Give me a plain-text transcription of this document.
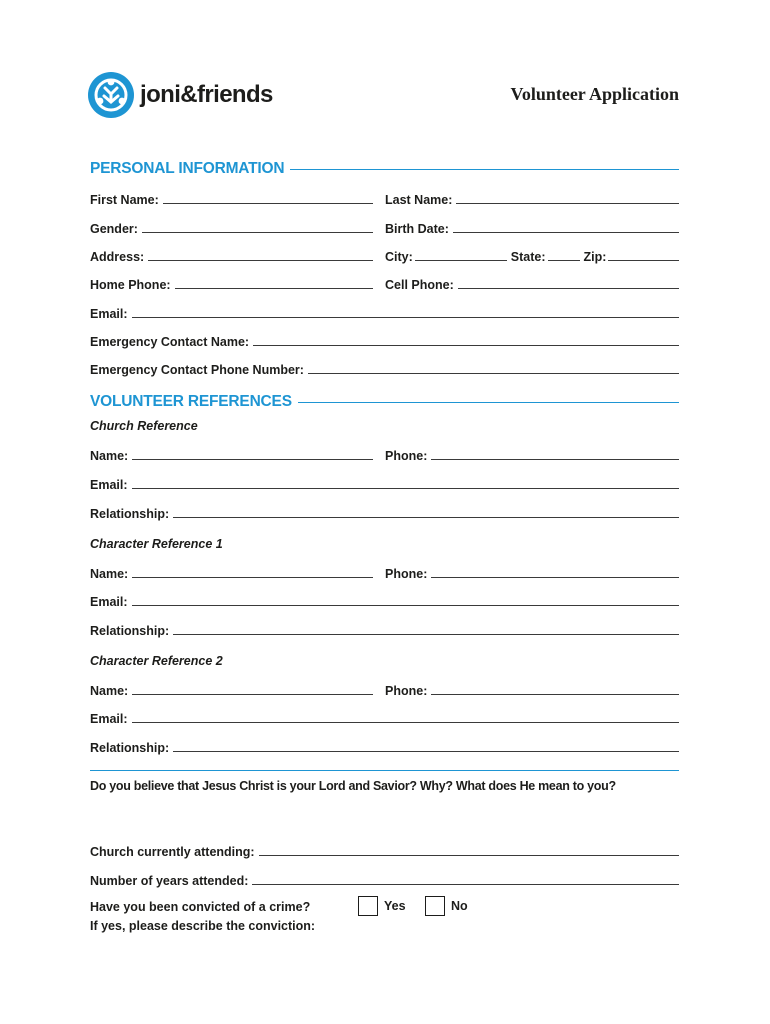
joni&friends	Volunteer Application
PERSONAL INFORMATION
First Name:	Last Name:
Gender:	Birth Date:
Address:	City:	State:	Zip:
Home Phone:	Cell Phone:
Email:
Emergency Contact Name:
Emergency Contact Phone Number:
VOLUNTEER REFERENCES
Church Reference
Name:	Phone:
Email:
Relationship:
Character Reference 1
Name:	Phone:
Email:
Relationship:
Character Reference 2
Name:	Phone:
Email:
Relationship:
Do you believe that Jesus Christ is your Lord and Savior? Why? What does He mean to you?
Church currently attending:
Number of years attended:
Have you been convicted of a crime?
If yes, please describe the conviction:
Yes	No
